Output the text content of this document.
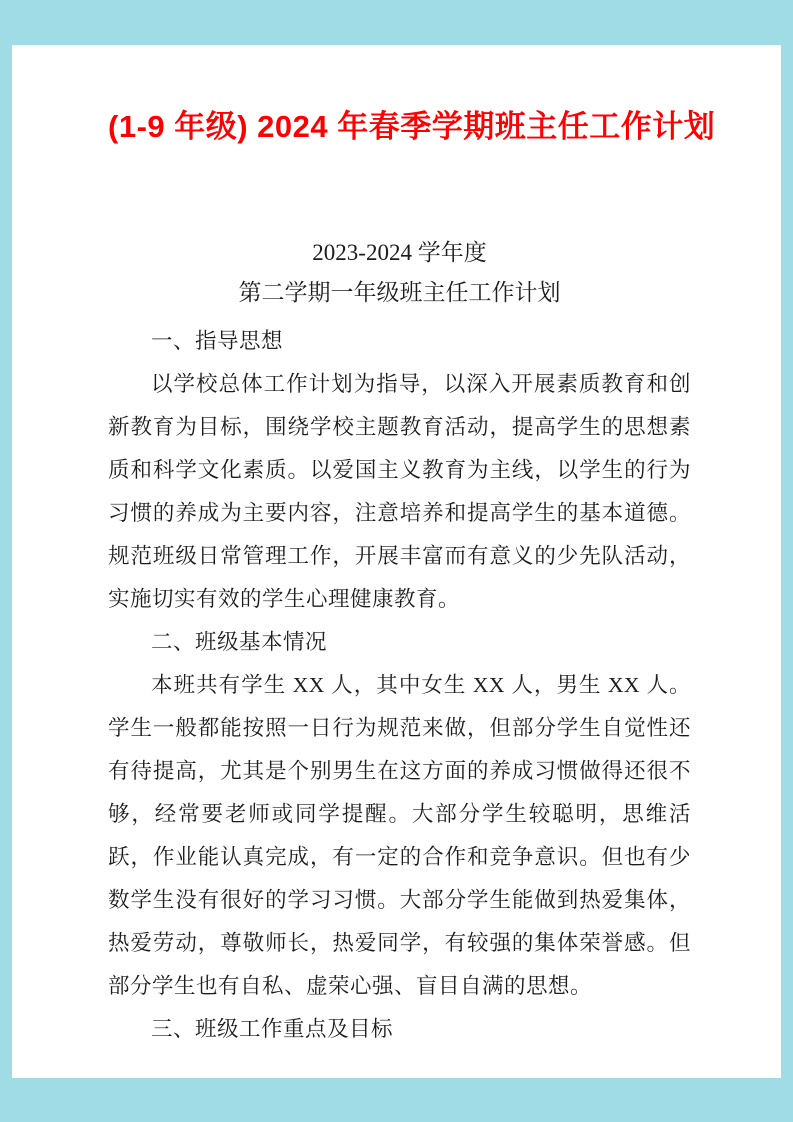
(1-9 年级) 2024 年春季学期班主任工作计划
2023-2024 学年度
第二学期一年级班主任工作计划

一、指导思想

以学校总体工作计划为指导，以深入开展素质教育和创新教育为目标，围绕学校主题教育活动，提高学生的思想素质和科学文化素质。以爱国主义教育为主线，以学生的行为习惯的养成为主要内容，注意培养和提高学生的基本道德。规范班级日常管理工作，开展丰富而有意义的少先队活动，实施切实有效的学生心理健康教育。

二、班级基本情况

本班共有学生 XX 人，其中女生 XX 人，男生 XX 人。学生一般都能按照一日行为规范来做，但部分学生自觉性还有待提高，尤其是个别男生在这方面的养成习惯做得还很不够，经常要老师或同学提醒。大部分学生较聪明，思维活跃，作业能认真完成，有一定的合作和竞争意识。但也有少数学生没有很好的学习习惯。大部分学生能做到热爱集体，热爱劳动，尊敬师长，热爱同学，有较强的集体荣誉感。但部分学生也有自私、虚荣心强、盲目自满的思想。

三、班级工作重点及目标
